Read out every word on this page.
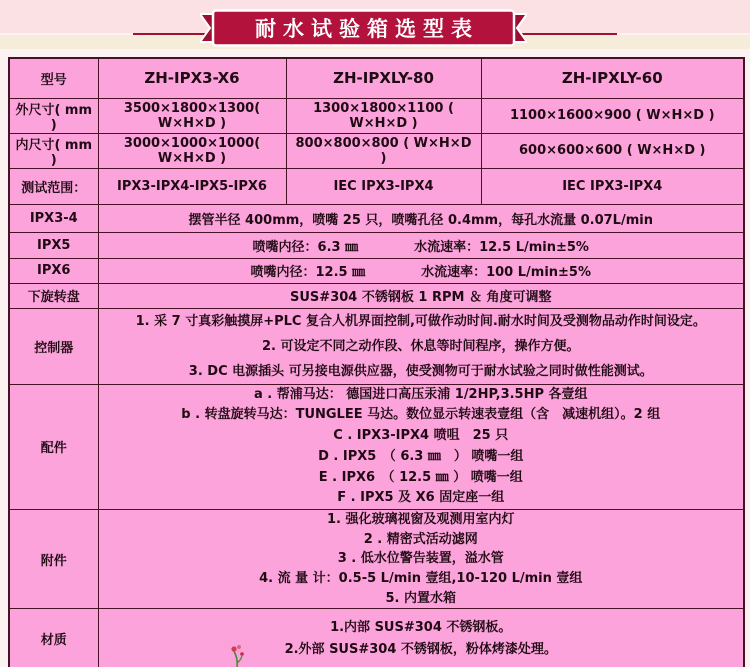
耐水试验箱选型表
型号	ZH-IPX3-X6	ZH-IPXLY-80	ZH-IPXLY-60
外尺寸( mm )	3500×1800×1300( W×H×D )	1300×1800×1100 ( W×H×D )	1100×1600×900 ( W×H×D )
内尺寸( mm )	3000×1000×1000( W×H×D )	800×800×800 ( W×H×D )	600×600×600 ( W×H×D )
测试范围：	IPX3-IPX4-IPX5-IPX6	IEC IPX3-IPX4	IEC IPX3-IPX4
IPX3-4	摆管半径 400mm，喷嘴 25 只，喷嘴孔径 0.4mm，每孔水流量 0.07L/min		
IPX5	喷嘴内径：6.3 ㎜ 水流速率：12.5 L/min±5%		

IPX6	喷嘴内径：12.5 ㎜ 水流速率：100 L/min±5%		

下旋转盘	SUS#304 不锈钢板 1 RPM ＆ 角度可调整		
控制器	1. 采 7 寸真彩触摸屏+PLC 复合人机界面控制,可做作动时间.耐水时间及受测物品动作时间设定。
2. 可设定不同之动作段、休息等时间程序，操作方便。
3. DC 电源插头 可另接电源供应器，使受测物可于耐水试验之同时做性能测试。		

配件	
a . 帮浦马达： 德国进口高压汞浦 1/2HP,3.5HP 各壹组
b . 转盘旋转马达：TUNGLEE 马达。数位显示转速表壹组（含　减速机组）。2 组
C . IPX3-IPX4 喷咀　25 只
D . IPX5　（ 6.3 ㎜　） 喷嘴一组
E . IPX6　（ 12.5 ㎜ ） 喷嘴一组
F . IPX5 及 X6 固定座一组

附件	1. 强化玻璃视窗及观测用室内灯
2 . 精密式活动滤网
3 . 低水位警告装置，溢水管
4. 流 量 计：0.5-5 L/min 壹组,10-120 L/min 壹组
5. 内置水箱		

材质	1.内部 SUS#304 不锈钢板。
2.外部 SUS#304 不锈钢板，粉体烤漆处理。		
